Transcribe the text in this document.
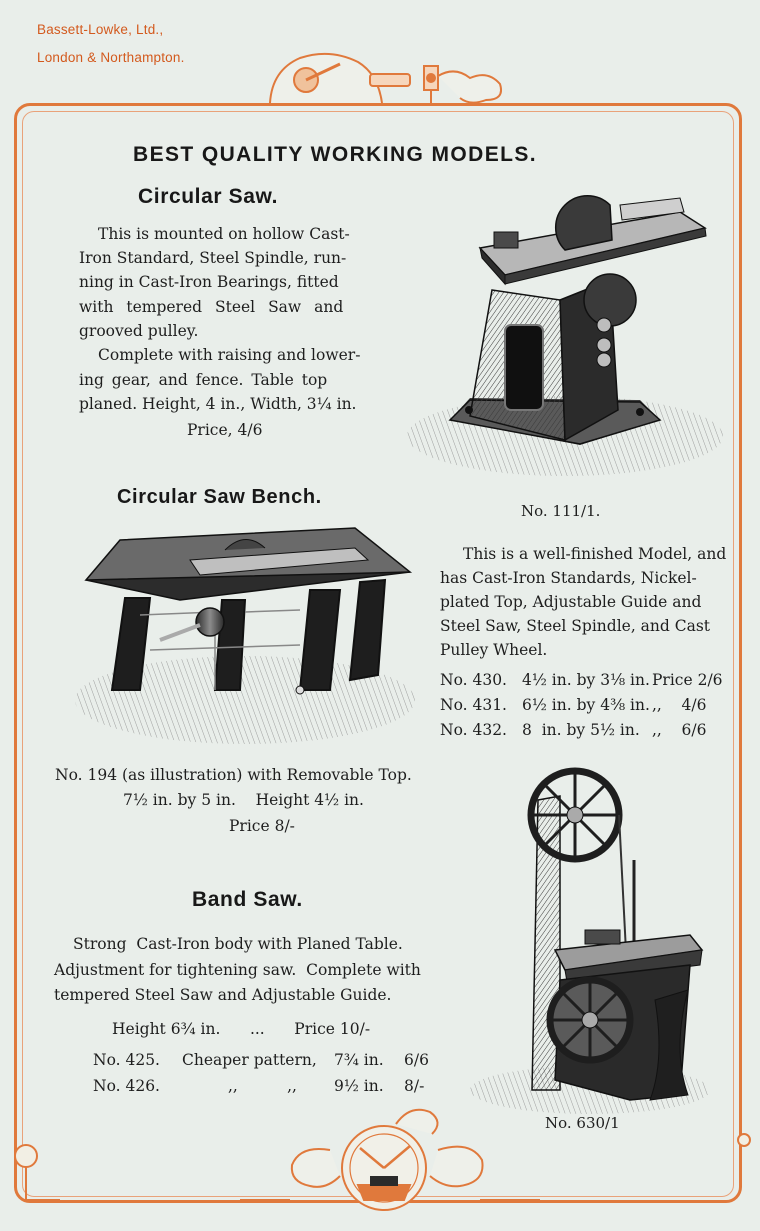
Bassett-Lowke, Ltd.,
London & Northampton.
BEST QUALITY WORKING MODELS.
Circular Saw.
This is mounted on hollow Cast-
Iron Standard, Steel Spindle, run-
ning in Cast-Iron Bearings, fitted
with tempered Steel Saw and
grooved pulley.
Complete with raising and lower-
ing gear, and fence. Table top
planed. Height, 4 in., Width, 3¼ in.
Price, 4/6
No. 111/1.
Circular Saw Bench.
This is a well-finished Model, and
has Cast-Iron Standards, Nickel-
plated Top, Adjustable Guide and
Steel Saw, Steel Spindle, and Cast
Pulley Wheel.
No. 430. 4½ in. by 3⅛ in. Price 2/6
No. 431. 6½ in. by 4⅜ in. ,,    4/6
No. 432. 8  in. by 5½ in. ,,    6/6
No. 194 (as illustration) with Removable Top.
7½ in. by 5 in.    Height 4½ in.
Price 8/-
Band Saw.
Strong  Cast-Iron body with Planed Table.
Adjustment for tightening saw.  Complete with
tempered Steel Saw and Adjustable Guide.
Height 6¾ in.      ...      Price 10/-
No. 425. Cheaper pattern, 7¾ in. 6/6
No. 426.	,,          ,, 9½ in. 8/-
No. 630/1
